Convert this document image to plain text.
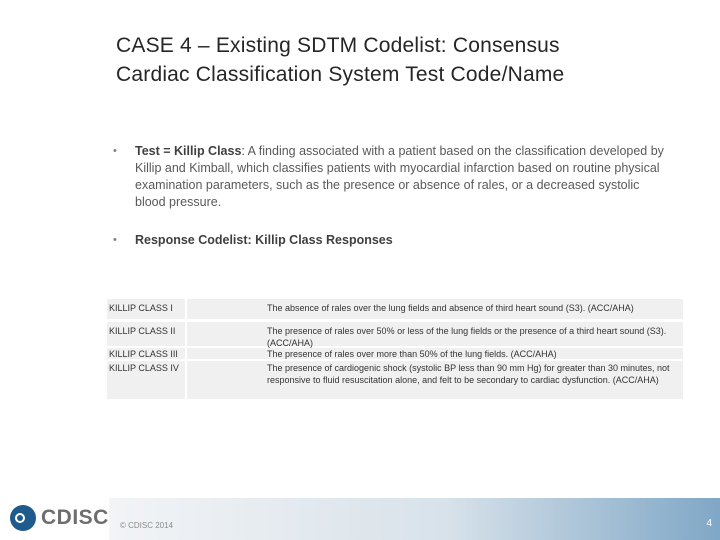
CASE 4 – Existing SDTM Codelist: Consensus
Cardiac Classification System Test Code/Name
• Test = Killip Class: A finding associated with a patient based on the classification developed by Killip and Kimball, which classifies patients with myocardial infarction based on routine physical examination parameters, such as the presence or absence of rales, or a decreased systolic blood pressure.
• Response Codelist: Killip Class Responses
KILLIP CLASS I	The absence of rales over the lung fields and absence of third heart sound (S3). (ACC/AHA)
KILLIP CLASS II	The presence of rales over 50% or less of the lung fields or the presence of a third heart sound (S3). (ACC/AHA)
KILLIP CLASS III	The presence of rales over more than 50% of the lung fields. (ACC/AHA)
KILLIP CLASS IV	The presence of cardiogenic shock (systolic BP less than 90 mm Hg) for greater than 30 minutes, not responsive to fluid resuscitation alone, and felt to be secondary to cardiac dysfunction. (ACC/AHA)
CDISC © CDISC 2014	4
